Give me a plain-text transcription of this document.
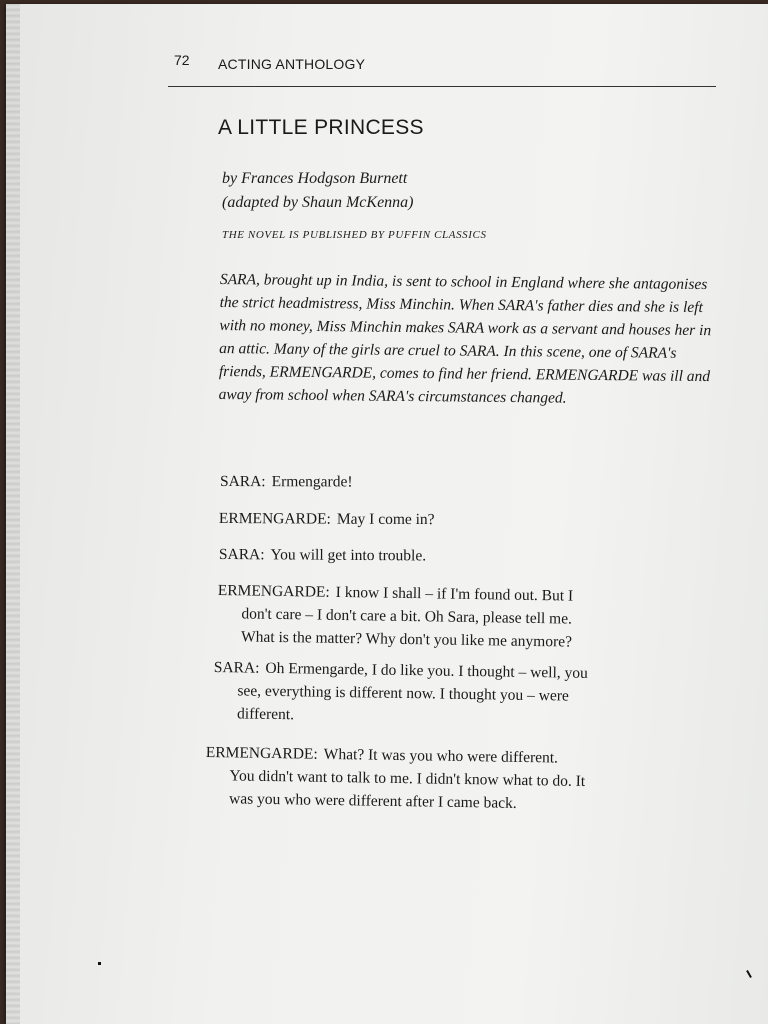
72 ACTING ANTHOLOGY
A LITTLE PRINCESS
by Frances Hodgson Burnett
(adapted by Shaun McKenna)
THE NOVEL IS PUBLISHED BY PUFFIN CLASSICS

SARA, brought up in India, is sent to school in England where she antagonises the strict headmistress, Miss Minchin. When SARA's father dies and she is left with no money, Miss Minchin makes SARA work as a servant and houses her in an attic. Many of the girls are cruel to SARA. In this scene, one of SARA's friends, ERMENGARDE, comes to find her friend. ERMENGARDE was ill and away from school when SARA's circumstances changed.

SARA: Ermengarde!
ERMENGARDE: May I come in?
SARA: You will get into trouble.
ERMENGARDE: I know I shall – if I'm found out. But I
don't care – I don't care a bit. Oh Sara, please tell me.
What is the matter? Why don't you like me anymore?
SARA: Oh Ermengarde, I do like you. I thought – well, you
see, everything is different now. I thought you – were
different.
ERMENGARDE: What? It was you who were different.
You didn't want to talk to me. I didn't know what to do. It
was you who were different after I came back.
